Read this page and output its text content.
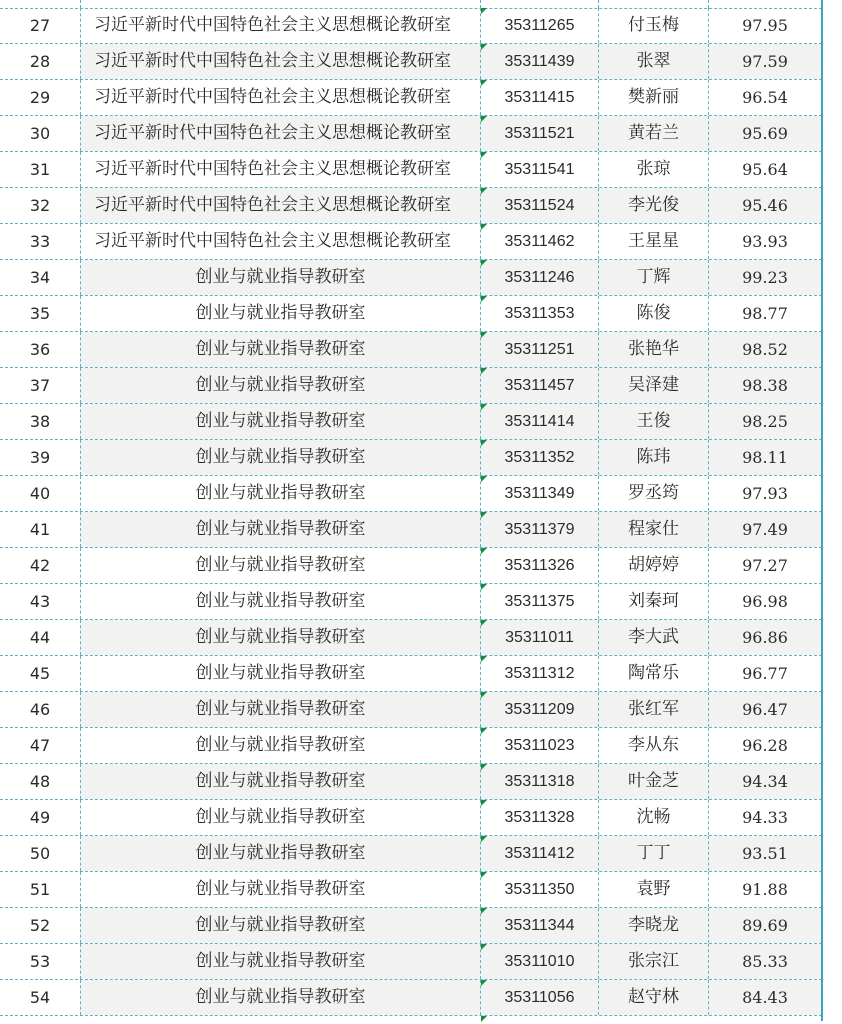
27	习近平新时代中国特色社会主义思想概论教研室	35311265	付玉梅	97.95
28	习近平新时代中国特色社会主义思想概论教研室	35311439	张翠	97.59
29	习近平新时代中国特色社会主义思想概论教研室	35311415	樊新丽	96.54
30	习近平新时代中国特色社会主义思想概论教研室	35311521	黄若兰	95.69
31	习近平新时代中国特色社会主义思想概论教研室	35311541	张琼	95.64
32	习近平新时代中国特色社会主义思想概论教研室	35311524	李光俊	95.46
33	习近平新时代中国特色社会主义思想概论教研室	35311462	王星星	93.93
34	创业与就业指导教研室	35311246	丁辉	99.23
35	创业与就业指导教研室	35311353	陈俊	98.77
36	创业与就业指导教研室	35311251	张艳华	98.52
37	创业与就业指导教研室	35311457	吴泽建	98.38
38	创业与就业指导教研室	35311414	王俊	98.25
39	创业与就业指导教研室	35311352	陈玮	98.11
40	创业与就业指导教研室	35311349	罗丞筠	97.93
41	创业与就业指导教研室	35311379	程家仕	97.49
42	创业与就业指导教研室	35311326	胡婷婷	97.27
43	创业与就业指导教研室	35311375	刘秦珂	96.98
44	创业与就业指导教研室	35311011	李大武	96.86
45	创业与就业指导教研室	35311312	陶常乐	96.77
46	创业与就业指导教研室	35311209	张红军	96.47
47	创业与就业指导教研室	35311023	李从东	96.28
48	创业与就业指导教研室	35311318	叶金芝	94.34
49	创业与就业指导教研室	35311328	沈畅	94.33
50	创业与就业指导教研室	35311412	丁丁	93.51
51	创业与就业指导教研室	35311350	袁野	91.88
52	创业与就业指导教研室	35311344	李晓龙	89.69
53	创业与就业指导教研室	35311010	张宗江	85.33
54	创业与就业指导教研室	35311056	赵守林	84.43
